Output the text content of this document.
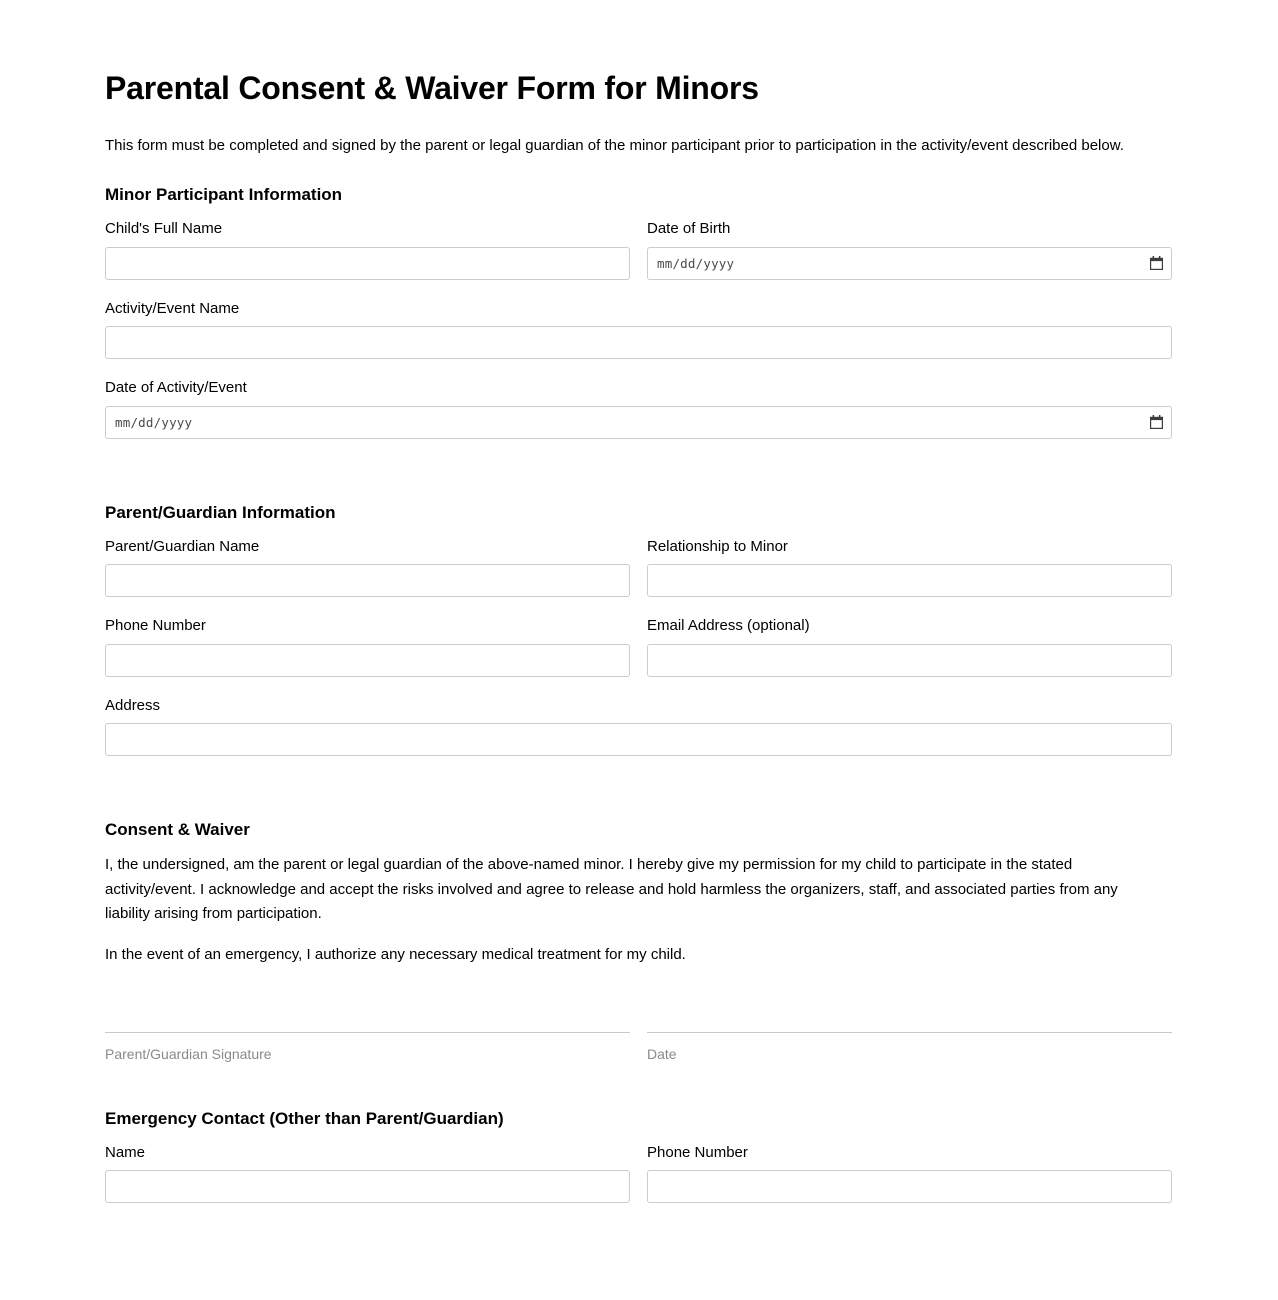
Parental Consent & Waiver Form for Minors

This form must be completed and signed by the parent or legal guardian of the minor participant prior to participation in the activity/event described below.

Minor Participant Information
Child's Full Name	Date of Birth
mm/dd/yyyy
Activity/Event Name
Date of Activity/Event
mm/dd/yyyy
Parent/Guardian Information
Parent/Guardian Name	Relationship to Minor
Phone Number	Email Address (optional)
Address
Consent & Waiver

I, the undersigned, am the parent or legal guardian of the above-named minor. I hereby give my permission for my child to participate in the stated activity/event. I acknowledge and accept the risks involved and agree to release and hold harmless the organizers, staff, and associated parties from any liability arising from participation.

In the event of an emergency, I authorize any necessary medical treatment for my child.

Parent/Guardian Signature	Date
Emergency Contact (Other than Parent/Guardian)
Name	Phone Number
